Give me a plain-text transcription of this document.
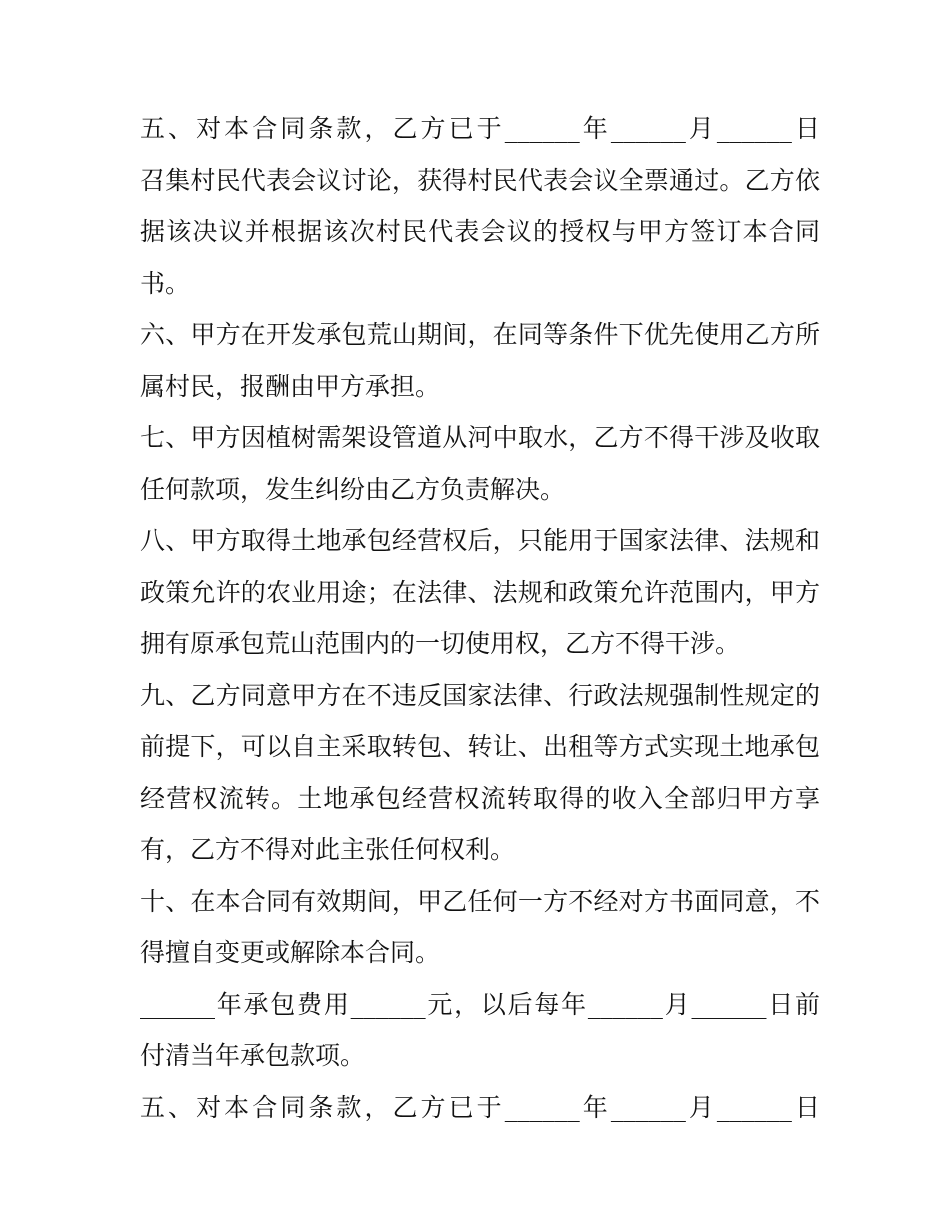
五、对本合同条款，乙方已于______年______月______日
召集村民代表会议讨论，获得村民代表会议全票通过。乙方依
据该决议并根据该次村民代表会议的授权与甲方签订本合同
书。
六、甲方在开发承包荒山期间，在同等条件下优先使用乙方所
属村民，报酬由甲方承担。
七、甲方因植树需架设管道从河中取水，乙方不得干涉及收取
任何款项，发生纠纷由乙方负责解决。
八、甲方取得土地承包经营权后，只能用于国家法律、法规和
政策允许的农业用途；在法律、法规和政策允许范围内，甲方
拥有原承包荒山范围内的一切使用权，乙方不得干涉。
九、乙方同意甲方在不违反国家法律、行政法规强制性规定的
前提下，可以自主采取转包、转让、出租等方式实现土地承包
经营权流转。土地承包经营权流转取得的收入全部归甲方享
有，乙方不得对此主张任何权利。
十、在本合同有效期间，甲乙任何一方不经对方书面同意，不
得擅自变更或解除本合同。
______年承包费用______元，以后每年______月______日前
付清当年承包款项。
五、对本合同条款，乙方已于______年______月______日
